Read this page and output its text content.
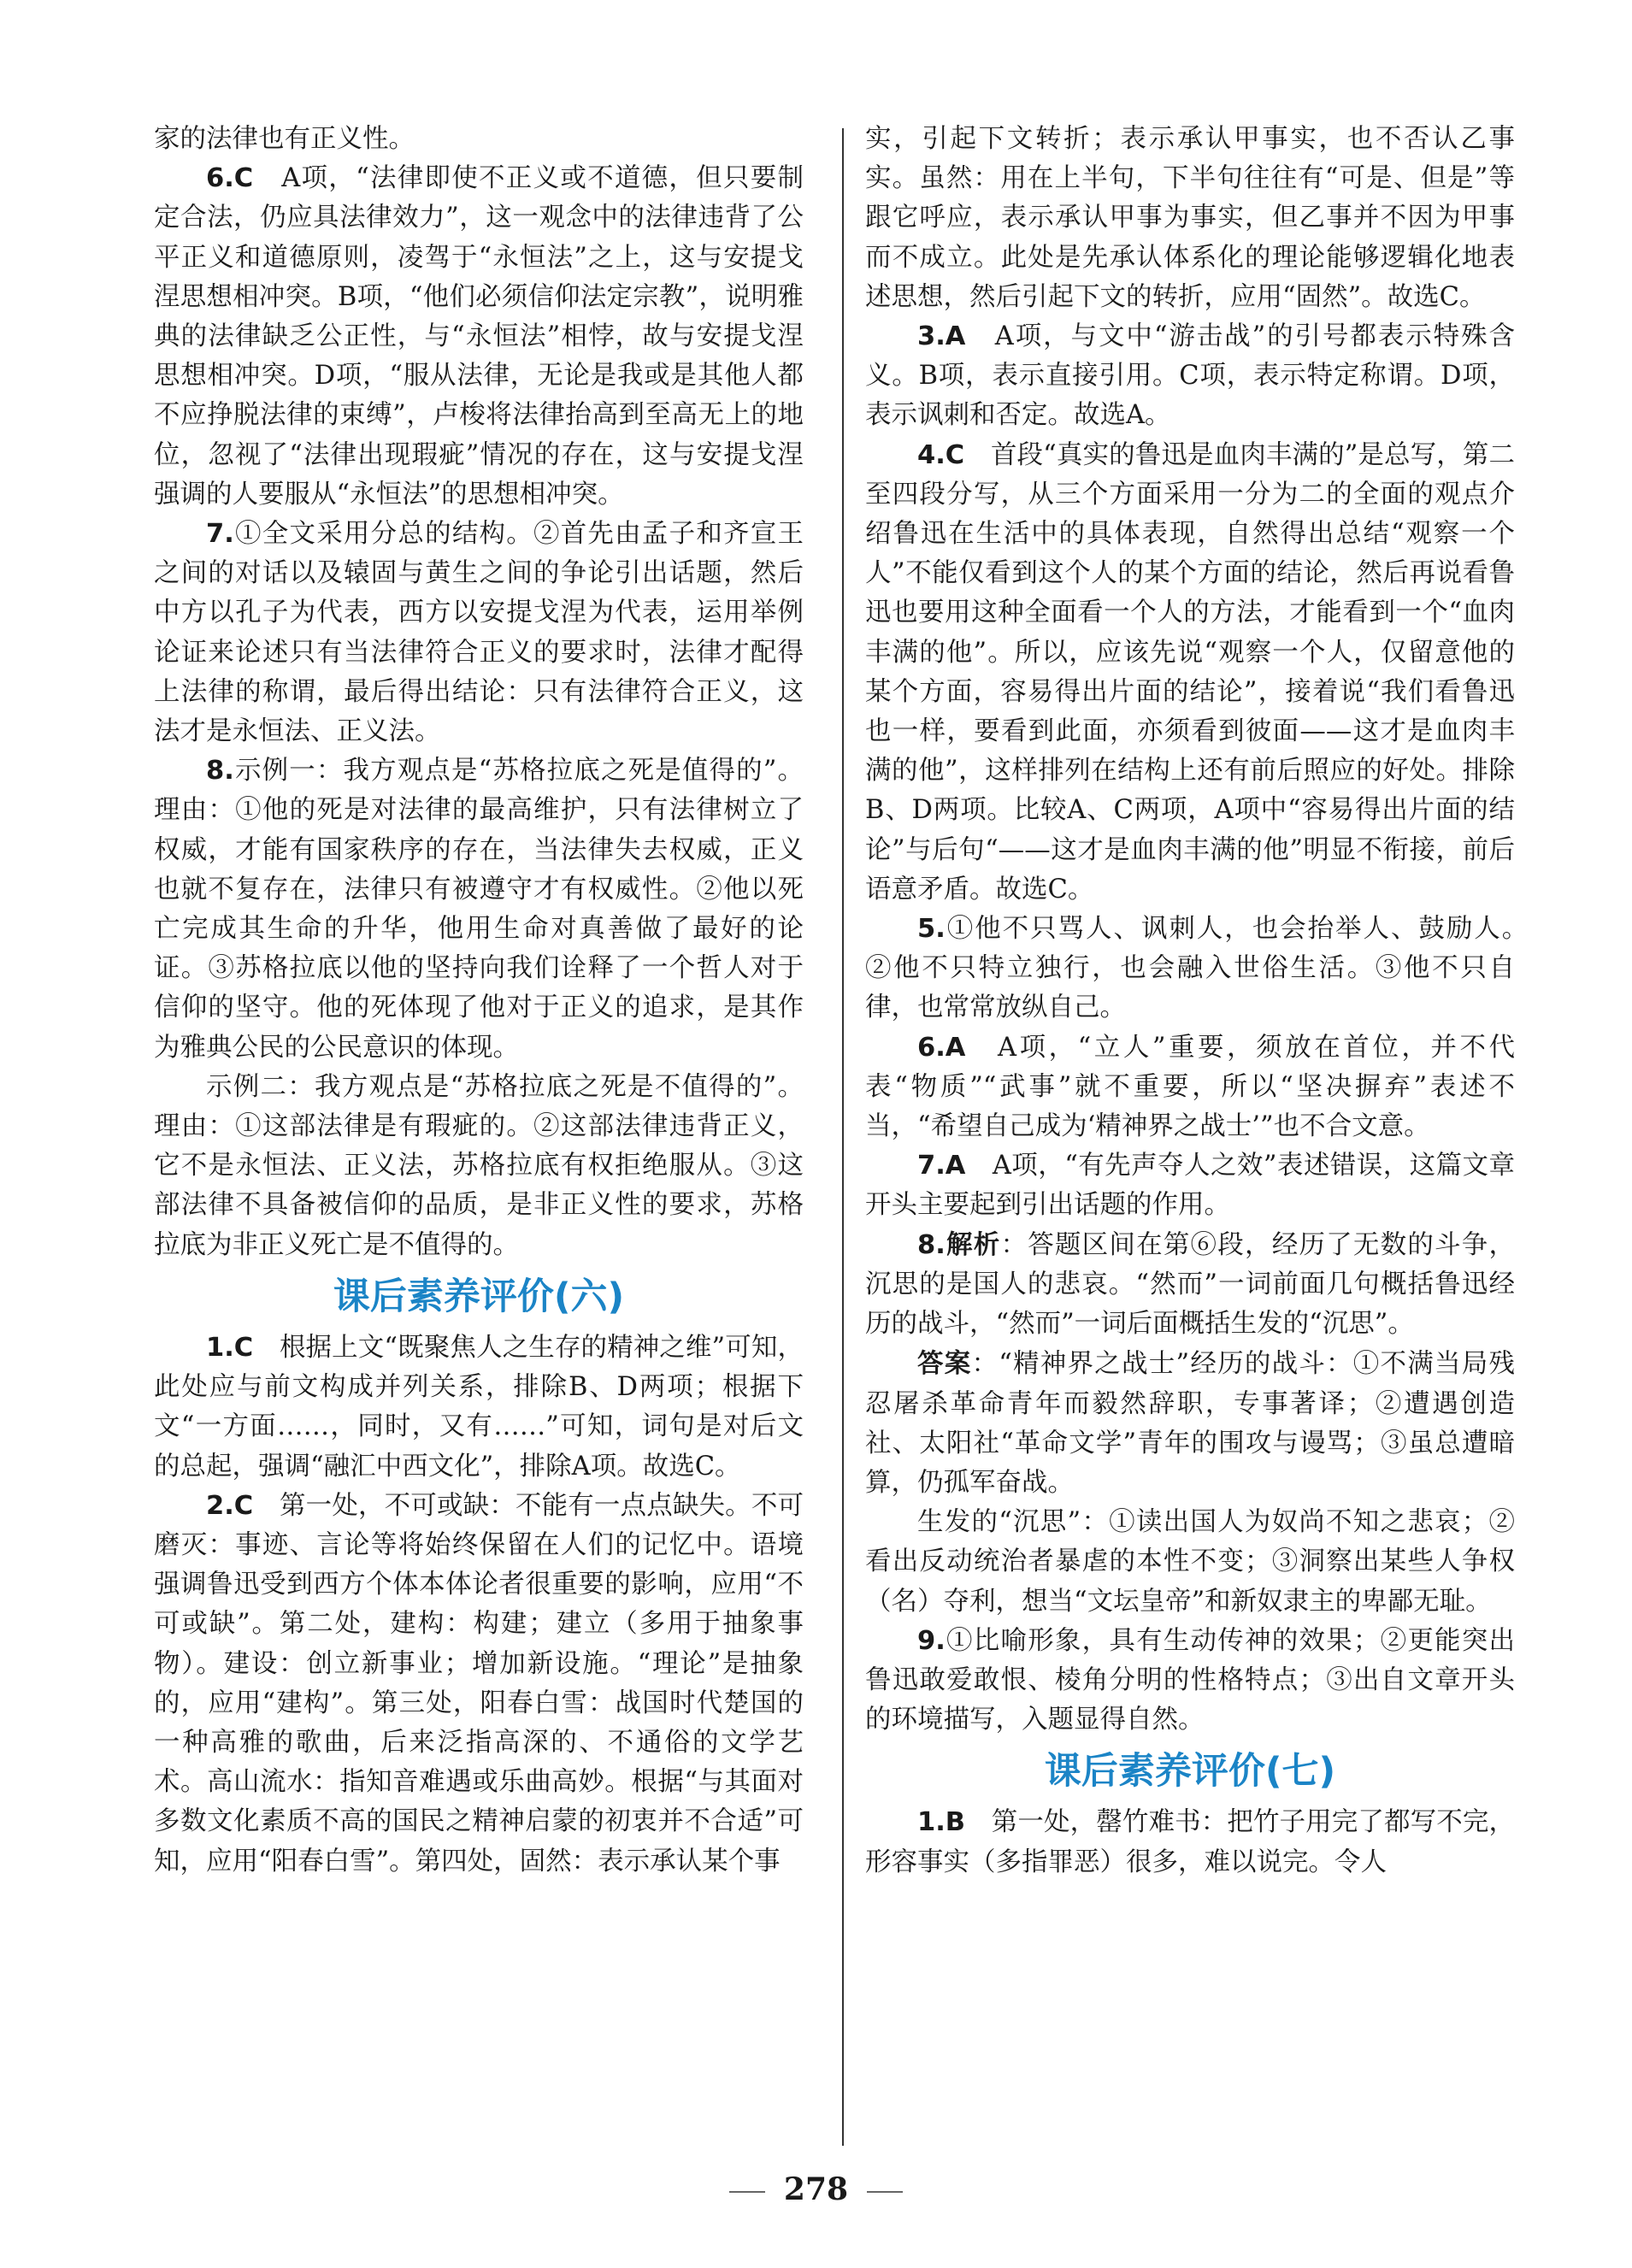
家的法律也有正义性。

6.C　A项，“法律即使不正义或不道德，但只要制定合法，仍应具法律效力”，这一观念中的法律违背了公平正义和道德原则，凌驾于“永恒法”之上，这与安提戈涅思想相冲突。B项，“他们必须信仰法定宗教”，说明雅典的法律缺乏公正性，与“永恒法”相悖，故与安提戈涅思想相冲突。D项，“服从法律，无论是我或是其他人都不应挣脱法律的束缚”，卢梭将法律抬高到至高无上的地位，忽视了“法律出现瑕疵”情况的存在，这与安提戈涅强调的人要服从“永恒法”的思想相冲突。

7.①全文采用分总的结构。②首先由孟子和齐宣王之间的对话以及辕固与黄生之间的争论引出话题，然后中方以孔子为代表，西方以安提戈涅为代表，运用举例论证来论述只有当法律符合正义的要求时，法律才配得上法律的称谓，最后得出结论：只有法律符合正义，这法才是永恒法、正义法。

8.示例一：我方观点是“苏格拉底之死是值得的”。理由：①他的死是对法律的最高维护，只有法律树立了权威，才能有国家秩序的存在，当法律失去权威，正义也就不复存在，法律只有被遵守才有权威性。②他以死亡完成其生命的升华，他用生命对真善做了最好的论证。③苏格拉底以他的坚持向我们诠释了一个哲人对于信仰的坚守。他的死体现了他对于正义的追求，是其作为雅典公民的公民意识的体现。

示例二：我方观点是“苏格拉底之死是不值得的”。理由：①这部法律是有瑕疵的。②这部法律违背正义，它不是永恒法、正义法，苏格拉底有权拒绝服从。③这部法律不具备被信仰的品质，是非正义性的要求，苏格拉底为非正义死亡是不值得的。

课后素养评价(六)

1.C　根据上文“既聚焦人之生存的精神之维”可知，此处应与前文构成并列关系，排除B、D两项；根据下文“一方面……，同时，又有……”可知，词句是对后文的总起，强调“融汇中西文化”，排除A项。故选C。

2.C　第一处，不可或缺：不能有一点点缺失。不可磨灭：事迹、言论等将始终保留在人们的记忆中。语境强调鲁迅受到西方个体本体论者很重要的影响，应用“不可或缺”。第二处，建构：构建；建立（多用于抽象事物）。建设：创立新事业；增加新设施。“理论”是抽象的，应用“建构”。第三处，阳春白雪：战国时代楚国的一种高雅的歌曲，后来泛指高深的、不通俗的文学艺术。高山流水：指知音难遇或乐曲高妙。根据“与其面对多数文化素质不高的国民之精神启蒙的初衷并不合适”可知，应用“阳春白雪”。第四处，固然：表示承认某个事

实，引起下文转折；表示承认甲事实，也不否认乙事实。虽然：用在上半句，下半句往往有“可是、但是”等跟它呼应，表示承认甲事为事实，但乙事并不因为甲事而不成立。此处是先承认体系化的理论能够逻辑化地表述思想，然后引起下文的转折，应用“固然”。故选C。

3.A　A项，与文中“游击战”的引号都表示特殊含义。B项，表示直接引用。C项，表示特定称谓。D项，表示讽刺和否定。故选A。

4.C　首段“真实的鲁迅是血肉丰满的”是总写，第二至四段分写，从三个方面采用一分为二的全面的观点介绍鲁迅在生活中的具体表现，自然得出总结“观察一个人”不能仅看到这个人的某个方面的结论，然后再说看鲁迅也要用这种全面看一个人的方法，才能看到一个“血肉丰满的他”。所以，应该先说“观察一个人，仅留意他的某个方面，容易得出片面的结论”，接着说“我们看鲁迅也一样，要看到此面，亦须看到彼面——这才是血肉丰满的他”，这样排列在结构上还有前后照应的好处。排除B、D两项。比较A、C两项，A项中“容易得出片面的结论”与后句“——这才是血肉丰满的他”明显不衔接，前后语意矛盾。故选C。

5.①他不只骂人、讽刺人，也会抬举人、鼓励人。　②他不只特立独行，也会融入世俗生活。③他不只自律，也常常放纵自己。

6.A　A项，“立人”重要，须放在首位，并不代表“物质”“武事”就不重要，所以“坚决摒弃”表述不当，“希望自己成为‘精神界之战士’”也不合文意。

7.A　A项，“有先声夺人之效”表述错误，这篇文章开头主要起到引出话题的作用。

8.解析：答题区间在第⑥段，经历了无数的斗争，沉思的是国人的悲哀。“然而”一词前面几句概括鲁迅经历的战斗，“然而”一词后面概括生发的“沉思”。

答案：“精神界之战士”经历的战斗：①不满当局残忍屠杀革命青年而毅然辞职，专事著译；②遭遇创造社、太阳社“革命文学”青年的围攻与谩骂；③虽总遭暗算，仍孤军奋战。

生发的“沉思”：①读出国人为奴尚不知之悲哀；②看出反动统治者暴虐的本性不变；③洞察出某些人争权（名）夺利，想当“文坛皇帝”和新奴隶主的卑鄙无耻。

9.①比喻形象，具有生动传神的效果；②更能突出鲁迅敢爱敢恨、棱角分明的性格特点；③出自文章开头的环境描写，入题显得自然。

课后素养评价(七)

1.B　第一处，罄竹难书：把竹子用完了都写不完，形容事实（多指罪恶）很多，难以说完。令人

278
